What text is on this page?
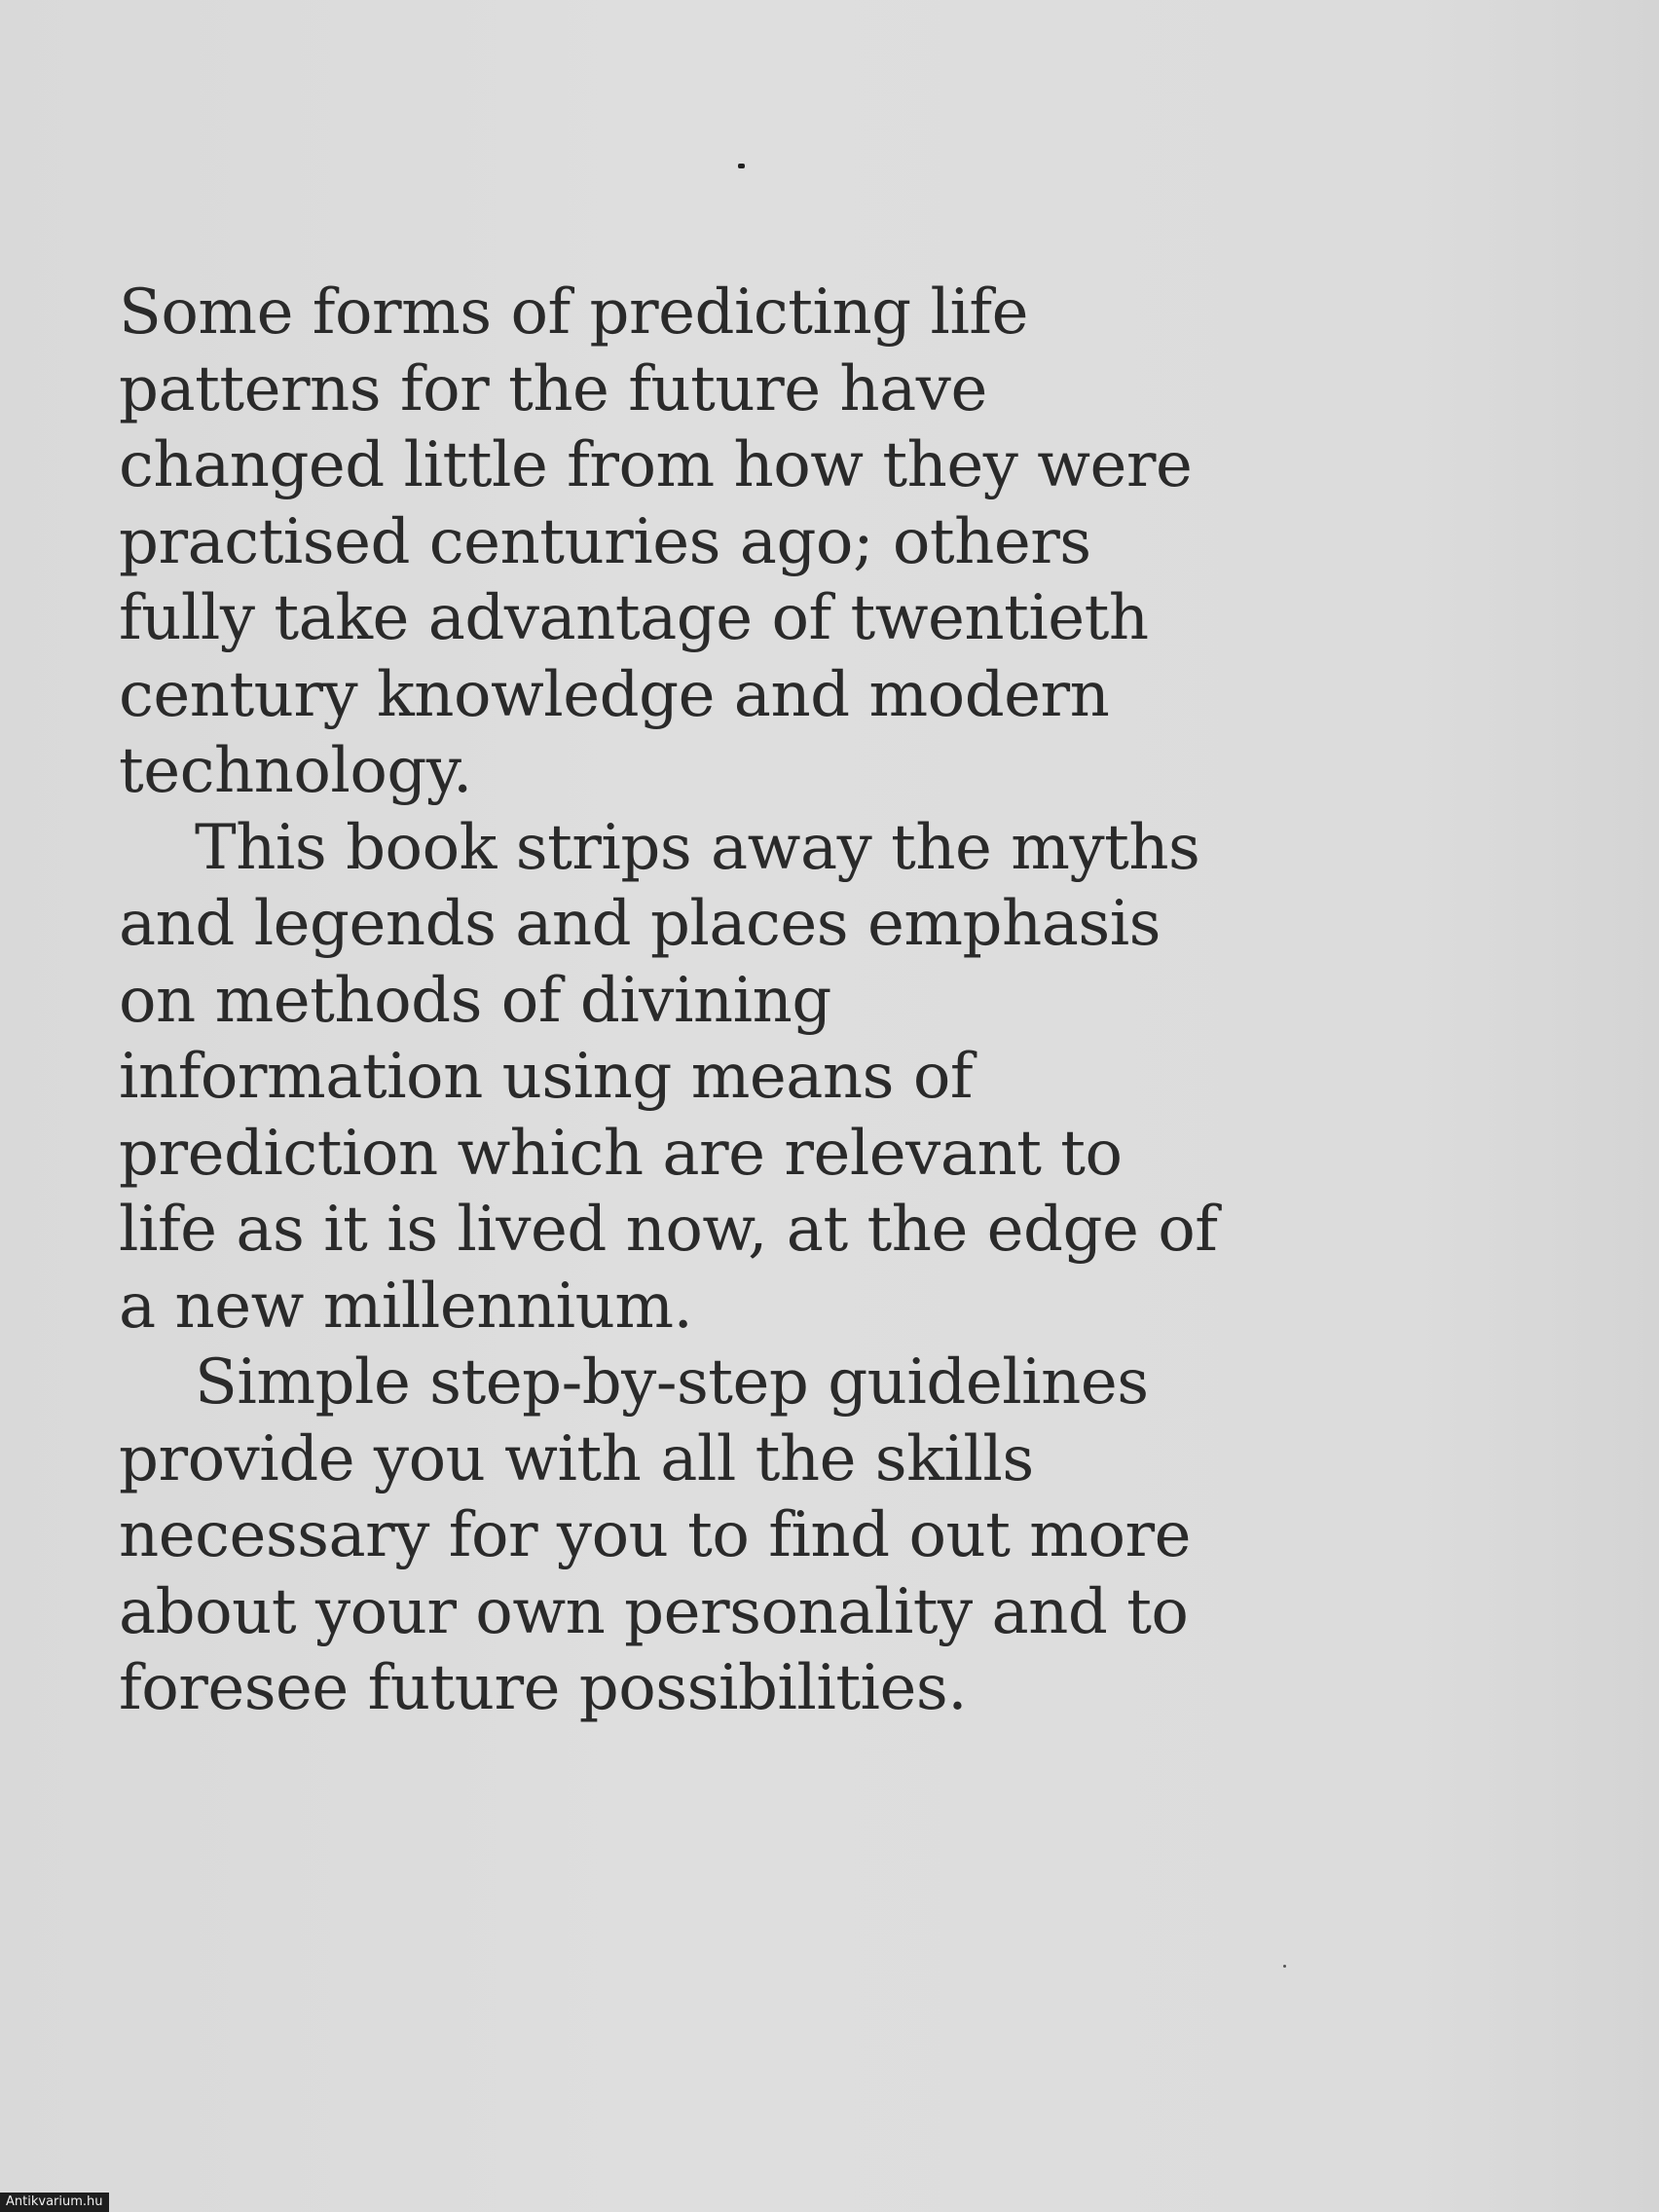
Some forms of predicting life
patterns for the future have
changed little from how they were
practised centuries ago; others
fully take advantage of twentieth
century knowledge and modern
technology.
This book strips away the myths
and legends and places emphasis
on methods of divining
information using means of
prediction which are relevant to
life as it is lived now, at the edge of
a new millennium.
Simple step-by-step guidelines
provide you with all the skills
necessary for you to find out more
about your own personality and to
foresee future possibilities.
Antikvarium.hu
